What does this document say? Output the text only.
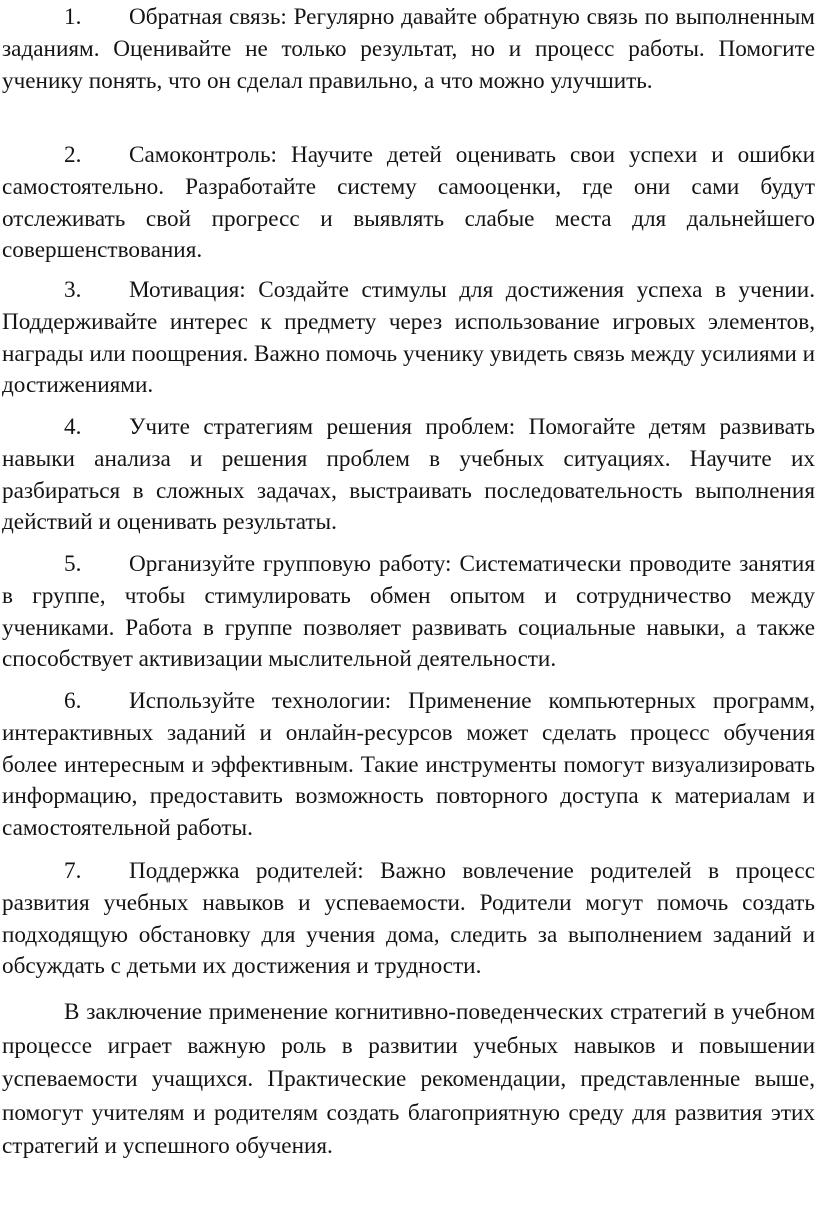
1. Обратная связь: Регулярно давайте обратную связь по выполненным заданиям. Оценивайте не только результат, но и процесс работы. Помогите ученику понять, что он сделал правильно, а что можно улучшить.

2. Самоконтроль: Научите детей оценивать свои успехи и ошибки самостоятельно. Разработайте систему самооценки, где они сами будут отслеживать свой прогресс и выявлять слабые места для дальнейшего совершенствования.

3. Мотивация: Создайте стимулы для достижения успеха в учении. Поддерживайте интерес к предмету через использование игровых элементов, награды или поощрения. Важно помочь ученику увидеть связь между усилиями и достижениями.

4. Учите стратегиям решения проблем: Помогайте детям развивать навыки анализа и решения проблем в учебных ситуациях. Научите их разбираться в сложных задачах, выстраивать последовательность выполнения действий и оценивать результаты.

5. Организуйте групповую работу: Систематически проводите занятия в группе, чтобы стимулировать обмен опытом и сотрудничество между учениками. Работа в группе позволяет развивать социальные навыки, а также способствует активизации мыслительной деятельности.

6. Используйте технологии: Применение компьютерных программ, интерактивных заданий и онлайн-ресурсов может сделать процесс обучения более интересным и эффективным. Такие инструменты помогут визуализировать информацию, предоставить возможность повторного доступа к материалам и самостоятельной работы.

7. Поддержка родителей: Важно вовлечение родителей в процесс развития учебных навыков и успеваемости. Родители могут помочь создать подходящую обстановку для учения дома, следить за выполнением заданий и обсуждать с детьми их достижения и трудности.

В заключение применение когнитивно-поведенческих стратегий в учебном процессе играет важную роль в развитии учебных навыков и повышении успеваемости учащихся. Практические рекомендации, представленные выше, помогут учителям и родителям создать благоприятную среду для развития этих стратегий и успешного обучения.
